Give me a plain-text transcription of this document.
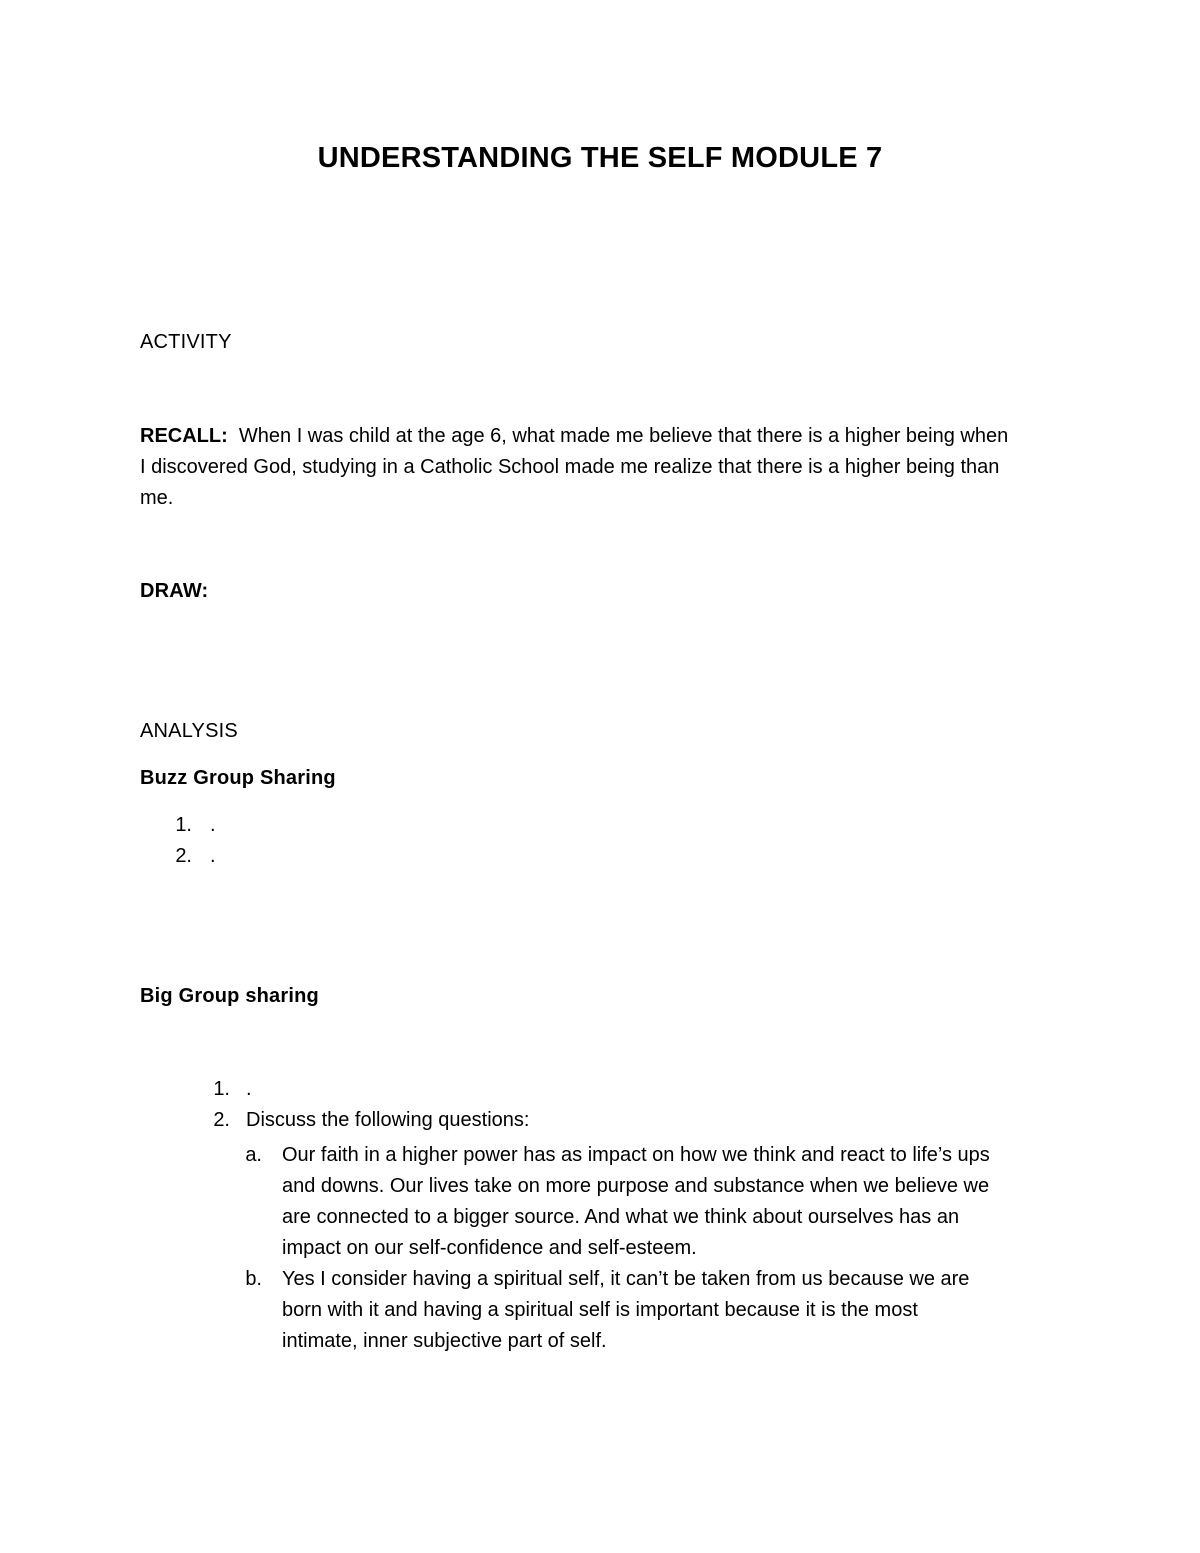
UNDERSTANDING THE SELF MODULE 7
ACTIVITY
RECALL: When I was child at the age 6, what made me believe that there is a higher being when
I discovered God, studying in a Catholic School made me realize that there is a higher being than
me.
DRAW:
ANALYSIS
Buzz Group Sharing
1. .
2. .
Big Group sharing
1. .
2. Discuss the following questions:
a. Our faith in a higher power has as impact on how we think and react to life’s ups
and downs. Our lives take on more purpose and substance when we believe we
are connected to a bigger source. And what we think about ourselves has an
impact on our self-confidence and self-esteem.
b. Yes I consider having a spiritual self, it can’t be taken from us because we are
born with it and having a spiritual self is important because it is the most
intimate, inner subjective part of self.
